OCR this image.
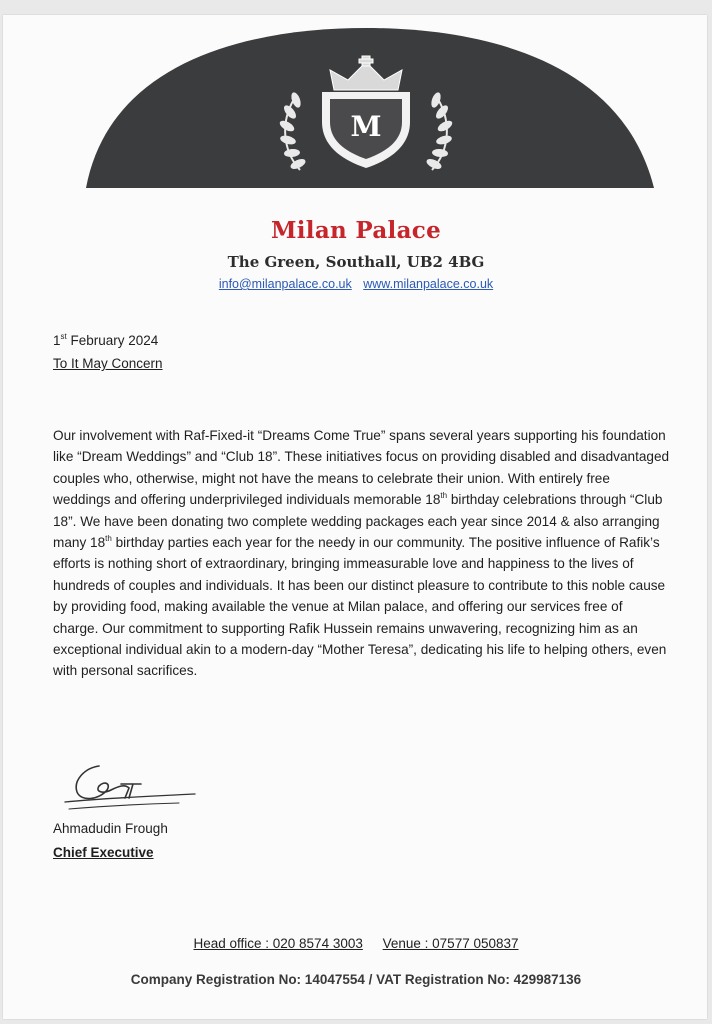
M
Milan Palace
The Green, Southall, UB2 4BG
info@milanpalace.co.uk www.milanpalace.co.uk
1st February 2024
To It May Concern
Our involvement with Raf-Fixed-it “Dreams Come True” spans several years supporting his foundation like “Dream Weddings” and “Club 18”. These initiatives focus on providing disabled and disadvantaged couples who, otherwise, might not have the means to celebrate their union. With entirely free weddings and offering underprivileged individuals memorable 18th birthday celebrations through “Club 18”. We have been donating two complete wedding packages each year since 2014 & also arranging many 18th birthday parties each year for the needy in our community. The positive influence of Rafik’s efforts is nothing short of extraordinary, bringing immeasurable love and happiness to the lives of hundreds of couples and individuals. It has been our distinct pleasure to contribute to this noble cause by providing food, making available the venue at Milan palace, and offering our services free of charge. Our commitment to supporting Rafik Hussein remains unwavering, recognizing him as an exceptional individual akin to a modern-day “Mother Teresa”, dedicating his life to helping others, even with personal sacrifices.
Ahmadudin Frough
Chief Executive
Head office : 020 8574 3003 Venue : 07577 050837
Company Registration No: 14047554 / VAT Registration No: 429987136
